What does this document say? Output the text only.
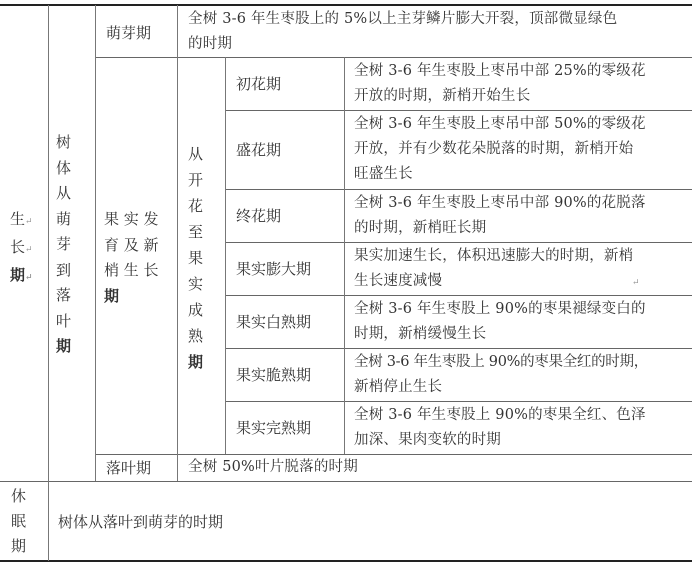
生↵
长↵
期↵
休
眠
期
树体从落叶到萌芽的时期
树
体
从
萌
芽
到
落
叶
期
萌芽期
全树 3-6 年生枣股上的 5%以上主芽鳞片膨大开裂，顶部微显绿色
的时期
果 实 发
育 及 新
梢 生 长
期
落叶期	全树 50%叶片脱落的时期
从
开
花
至
果
实
成
熟
期
初花期
盛花期
终花期
果实膨大期
果实白熟期
果实脆熟期
果实完熟期
全树 3-6 年生枣股上枣吊中部 25%的零级花
开放的时期，新梢开始生长
全树 3-6 年生枣股上枣吊中部 50%的零级花
开放，并有少数花朵脱落的时期，新梢开始
旺盛生长
全树 3-6 年生枣股上枣吊中部 90%的花脱落
的时期，新梢旺长期
果实加速生长，体积迅速膨大的时期，新梢
生长速度减慢	↵
全树 3-6 年生枣股上 90%的枣果褪绿变白的
时期，新梢缓慢生长
全树 3-6 年生枣股上 90%的枣果全红的时期，
新梢停止生长
全树 3-6 年生枣股上 90%的枣果全红、色泽
加深、果肉变软的时期
